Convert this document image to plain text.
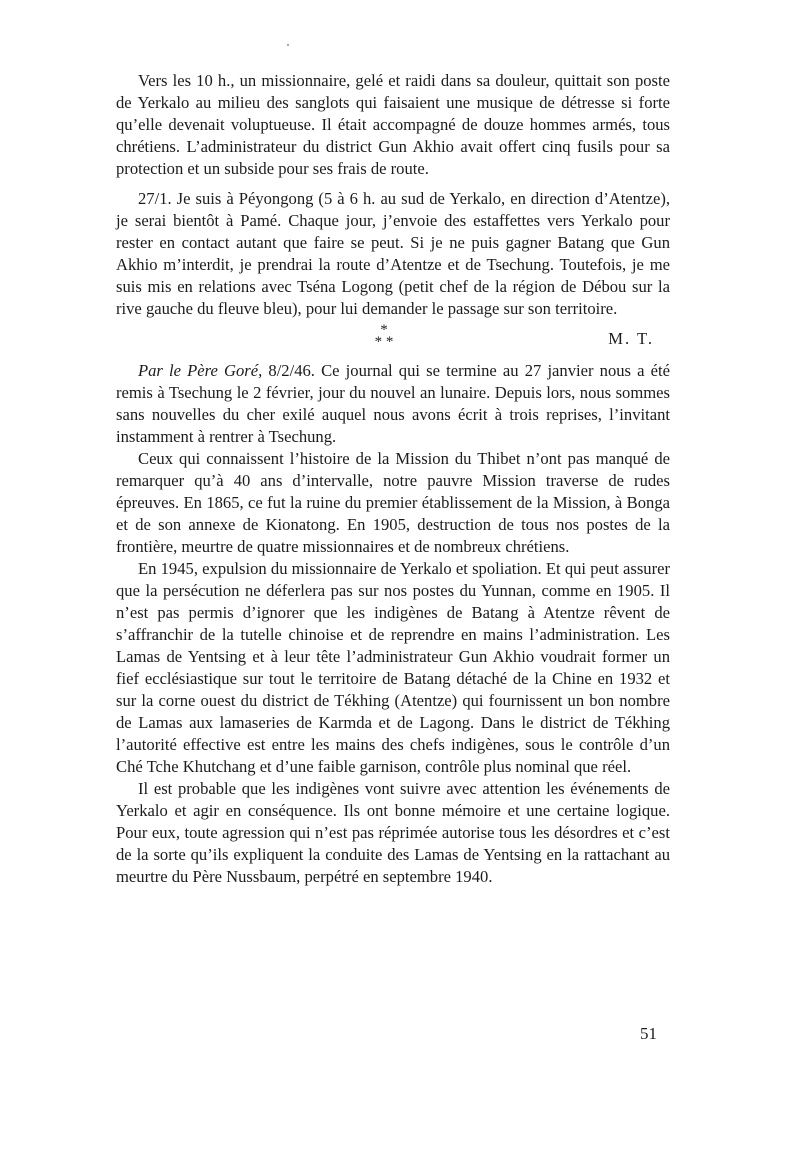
Vers les 10 h., un missionnaire, gelé et raidi dans sa douleur, quittait son poste de Yerkalo au milieu des sanglots qui faisaient une musique de détresse si forte qu’elle devenait voluptueuse. Il était accompagné de douze hommes armés, tous chrétiens. L’administrateur du district Gun Akhio avait offert cinq fusils pour sa protection et un subside pour ses frais de route.

27/1. Je suis à Péyongong (5 à 6 h. au sud de Yerkalo, en direction d’Atentze), je serai bientôt à Pamé. Chaque jour, j’envoie des estaffettes vers Yerkalo pour rester en contact autant que faire se peut. Si je ne puis gagner Batang que Gun Akhio m’interdit, je prendrai la route d’Atentze et de Tsechung. Toutefois, je me suis mis en relations avec Tséna Logong (petit chef de la région de Débou sur la rive gauche du fleuve bleu), pour lui demander le passage sur son territoire.

*
* *	M. T.

Par le Père Goré, 8/2/46. Ce journal qui se termine au 27 janvier nous a été remis à Tsechung le 2 février, jour du nouvel an lunaire. Depuis lors, nous sommes sans nouvelles du cher exilé auquel nous avons écrit à trois reprises, l’invitant instamment à rentrer à Tsechung.

Ceux qui connaissent l’histoire de la Mission du Thibet n’ont pas manqué de remarquer qu’à 40 ans d’intervalle, notre pauvre Mission traverse de rudes épreuves. En 1865, ce fut la ruine du premier établissement de la Mission, à Bonga et de son annexe de Kionatong. En 1905, destruction de tous nos postes de la frontière, meurtre de quatre missionnaires et de nombreux chrétiens.

En 1945, expulsion du missionnaire de Yerkalo et spoliation. Et qui peut assurer que la persécution ne déferlera pas sur nos postes du Yunnan, comme en 1905. Il n’est pas permis d’ignorer que les indigènes de Batang à Atentze rêvent de s’affranchir de la tutelle chinoise et de reprendre en mains l’administration. Les Lamas de Yentsing et à leur tête l’administrateur Gun Akhio voudrait former un fief ecclésiastique sur tout le territoire de Batang détaché de la Chine en 1932 et sur la corne ouest du district de Tékhing (Atentze) qui fournissent un bon nombre de Lamas aux lamaseries de Karmda et de Lagong. Dans le district de Tékhing l’autorité effective est entre les mains des chefs indigènes, sous le contrôle d’un Ché Tche Khutchang et d’une faible garnison, contrôle plus nominal que réel.

Il est probable que les indigènes vont suivre avec attention les événements de Yerkalo et agir en conséquence. Ils ont bonne mémoire et une certaine logique. Pour eux, toute agression qui n’est pas réprimée autorise tous les désordres et c’est de la sorte qu’ils expliquent la conduite des Lamas de Yentsing en la rattachant au meurtre du Père Nussbaum, perpétré en septembre 1940.

51
